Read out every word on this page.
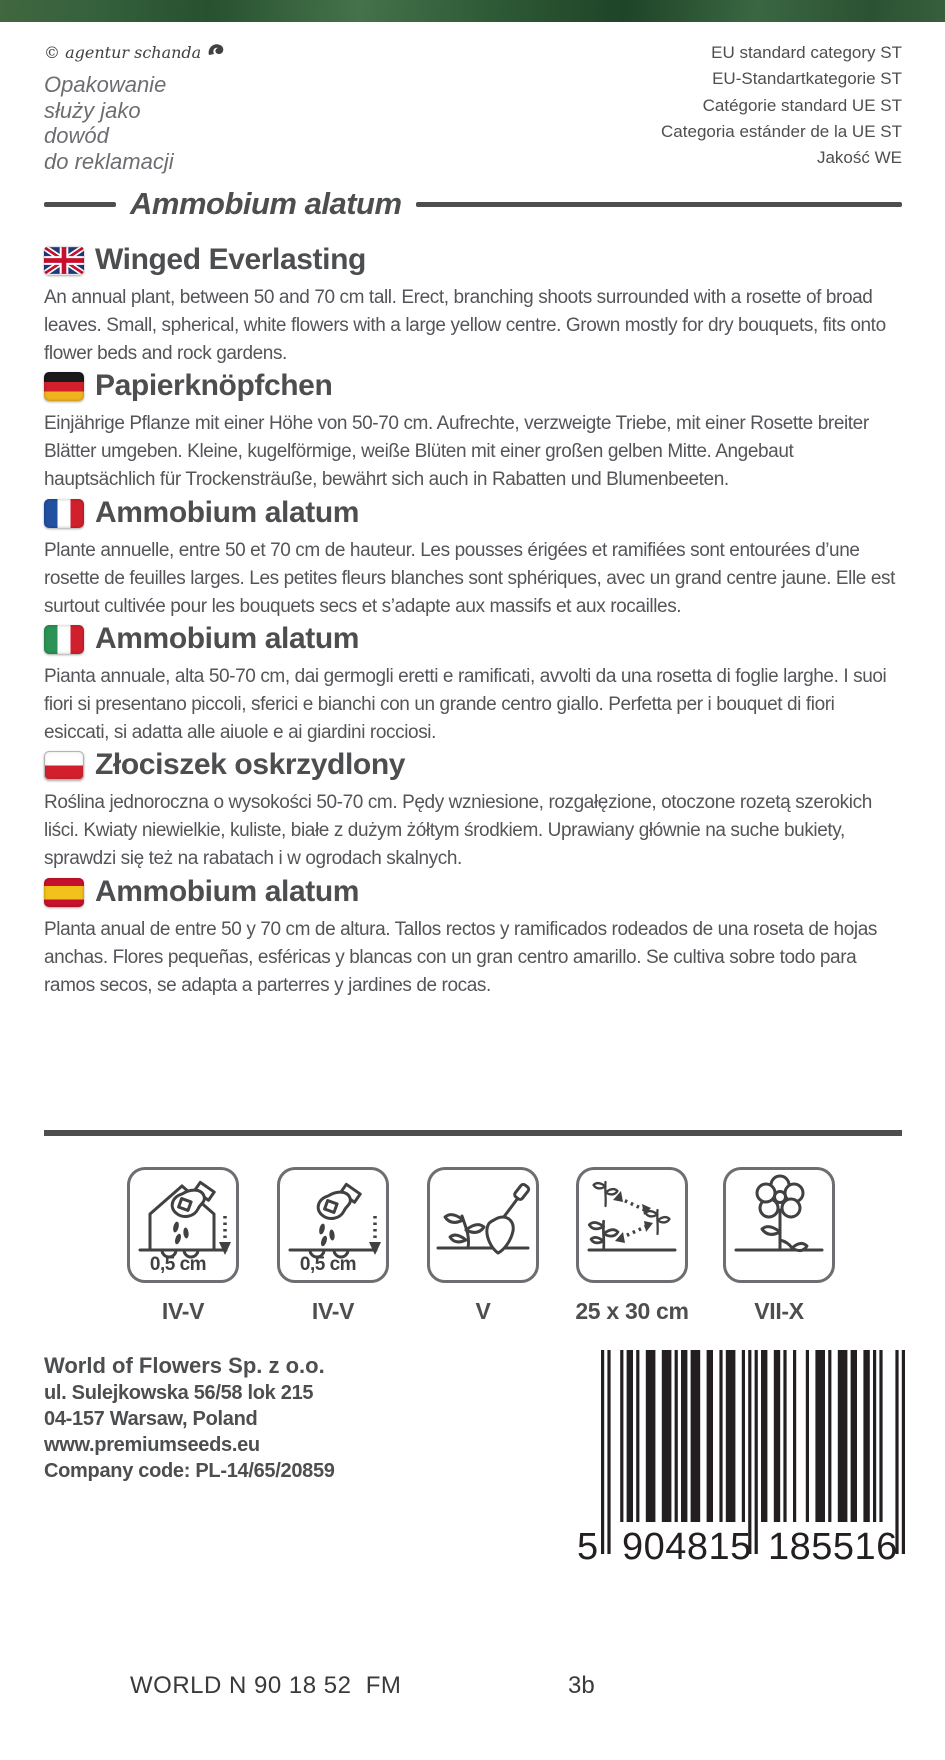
© agentur schanda
Opakowanie
służy jako
dowód
do reklamacji
EU standard category ST
EU-Standartkategorie ST
Catégorie standard UE ST
Categoria estánder de la UE ST
Jakość WE
Ammobium alatum
Winged Everlasting

An annual plant, between 50 and 70 cm tall. Erect, branching shoots surrounded with a rosette of broad leaves. Small, spherical, white flowers with a large yellow centre. Grown mostly for dry bouquets, fits onto flower beds and rock gardens.

Papierknöpfchen

Einjährige Pflanze mit einer Höhe von 50-70 cm. Aufrechte, verzweigte Triebe, mit einer Rosette breiter Blätter umgeben. Kleine, kugelförmige, weiße Blüten mit einer großen gelben Mitte. Angebaut hauptsächlich für Trockensträuße, bewährt sich auch in Rabatten und Blumenbeeten.

Ammobium alatum

Plante annuelle, entre 50 et 70 cm de hauteur. Les pousses érigées et ramifiées sont entourées d’une rosette de feuilles larges. Les petites fleurs blanches sont sphériques, avec un grand centre jaune. Elle est surtout cultivée pour les bouquets secs et s’adapte aux massifs et aux rocailles.

Ammobium alatum

Pianta annuale, alta 50-70 cm, dai germogli eretti e ramificati, avvolti da una rosetta di foglie larghe. I suoi fiori si presentano piccoli, sferici e bianchi con un grande centro giallo. Perfetta per i bouquet di fiori esiccati, si adatta alle aiuole e ai giardini rocciosi.

Złociszek oskrzydlony

Roślina jednoroczna o wysokości 50-70 cm. Pędy wzniesione, rozgałęzione, otoczone rozetą szerokich liści. Kwiaty niewielkie, kuliste, białe z dużym żółtym środkiem. Uprawiany głównie na suche bukiety, sprawdzi się też na rabatach i w ogrodach skalnych.

Ammobium alatum

Planta anual de entre 50 y 70 cm de altura. Tallos rectos y ramificados rodeados de una roseta de hojas anchas. Flores pequeñas, esféricas y blancas con un gran centro amarillo. Se cultiva sobre todo para ramos secos, se adapta a parterres y jardines de rocas.

0,5 cm	0,5 cm
IV-V	IV-V	V	25 x 30 cm	VII-X
World of Flowers Sp. z o.o.
ul. Sulejkowska 56/58 lok 215
04-157 Warsaw, Poland
www.premiumseeds.eu
Company code: PL-14/65/20859
5 904815 185516
WORLD N 90 18 52  FM	3b
